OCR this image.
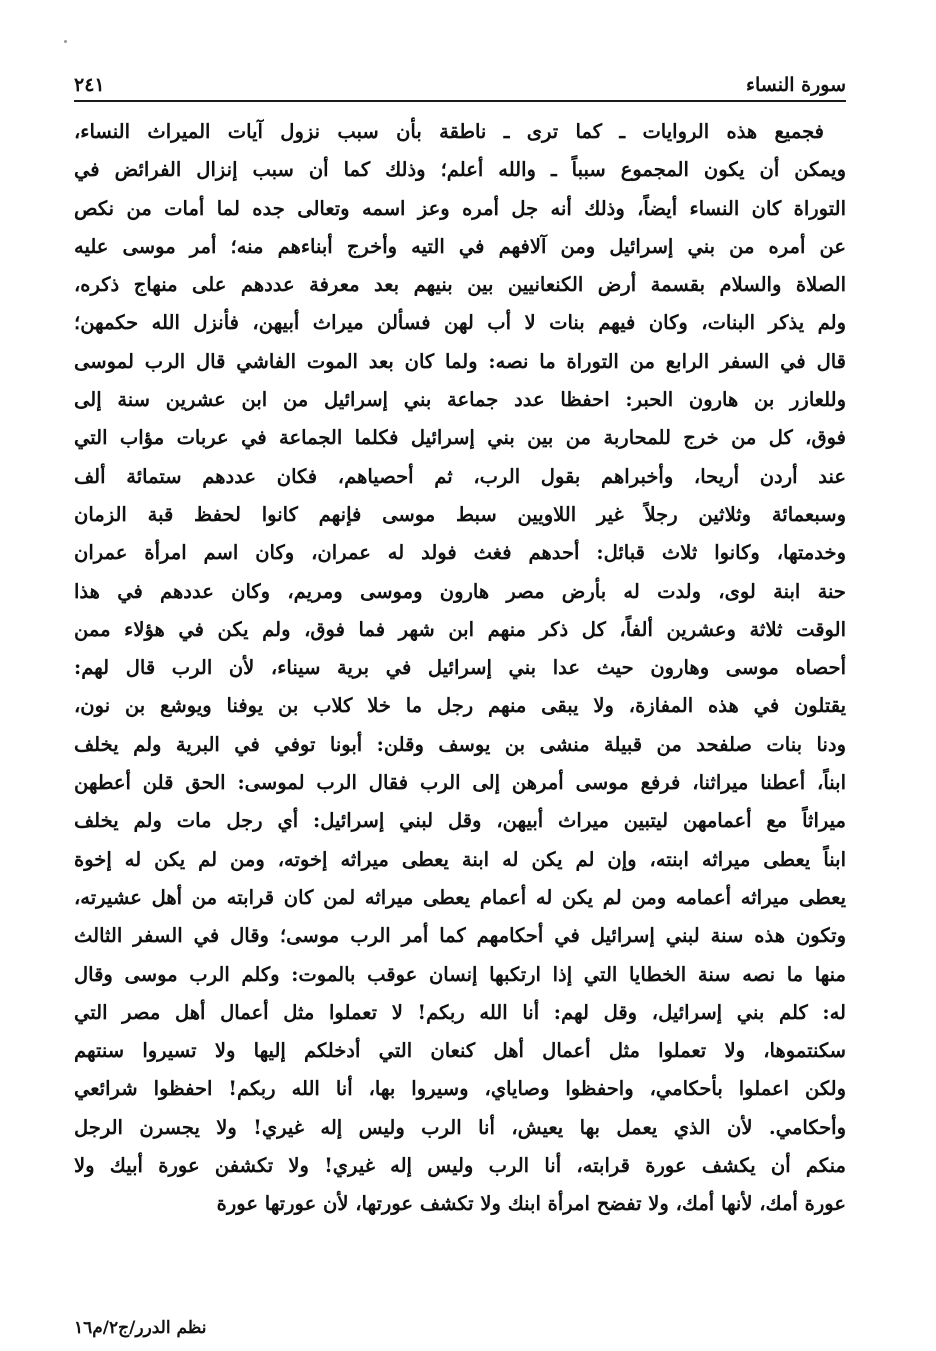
سورة النساء
٢٤١
فجميع هذه الروايات ـ كما ترى ـ ناطقة بأن سبب نزول آيات الميراث النساء،
ويمكن أن يكون المجموع سبباً ـ والله أعلم؛ وذلك كما أن سبب إنزال الفرائض في
التوراة كان النساء أيضاً، وذلك أنه جل أمره وعز اسمه وتعالى جده لما أمات من نكص
عن أمره من بني إسرائيل ومن آلافهم في التيه وأخرج أبناءهم منه؛ أمر موسى عليه
الصلاة والسلام بقسمة أرض الكنعانيين بين بنيهم بعد معرفة عددهم على منهاج ذكره،
ولم يذكر البنات، وكان فيهم بنات لا أب لهن فسألن ميراث أبيهن، فأنزل الله حكمهن؛
قال في السفر الرابع من التوراة ما نصه: ولما كان بعد الموت الفاشي قال الرب لموسى
وللعازر بن هارون الحبر: احفظا عدد جماعة بني إسرائيل من ابن عشرين سنة إلى
فوق، كل من خرج للمحاربة من بين بني إسرائيل فكلما الجماعة في عربات مؤاب التي
عند أردن أريحا، وأخبراهم بقول الرب، ثم أحصياهم، فكان عددهم ستمائة ألف
وسبعمائة وثلاثين رجلاً غير اللاويين سبط موسى فإنهم كانوا لحفظ قبة الزمان
وخدمتها، وكانوا ثلاث قبائل: أحدهم فغث فولد له عمران، وكان اسم امرأة عمران
حنة ابنة لوى، ولدت له بأرض مصر هارون وموسى ومريم، وكان عددهم في هذا
الوقت ثلاثة وعشرين ألفاً، كل ذكر منهم ابن شهر فما فوق، ولم يكن في هؤلاء ممن
أحصاه موسى وهارون حيث عدا بني إسرائيل في برية سيناء، لأن الرب قال لهم:
يقتلون في هذه المفازة، ولا يبقى منهم رجل ما خلا كلاب بن يوفنا ويوشع بن نون،
ودنا بنات صلفحد من قبيلة منشى بن يوسف وقلن: أبونا توفي في البرية ولم يخلف
ابناً، أعطنا ميراثنا، فرفع موسى أمرهن إلى الرب فقال الرب لموسى: الحق قلن أعطهن
ميراثاً مع أعمامهن ليتبين ميراث أبيهن، وقل لبني إسرائيل: أي رجل مات ولم يخلف
ابناً يعطى ميراثه ابنته، وإن لم يكن له ابنة يعطى ميراثه إخوته، ومن لم يكن له إخوة
يعطى ميراثه أعمامه ومن لم يكن له أعمام يعطى ميراثه لمن كان قرابته من أهل عشيرته،
وتكون هذه سنة لبني إسرائيل في أحكامهم كما أمر الرب موسى؛ وقال في السفر الثالث
منها ما نصه سنة الخطايا التي إذا ارتكبها إنسان عوقب بالموت: وكلم الرب موسى وقال
له: كلم بني إسرائيل، وقل لهم: أنا الله ربكم! لا تعملوا مثل أعمال أهل مصر التي
سكنتموها، ولا تعملوا مثل أعمال أهل كنعان التي أدخلكم إليها ولا تسيروا سنتهم
ولكن اعملوا بأحكامي، واحفظوا وصاياي، وسيروا بها، أنا الله ربكم! احفظوا شرائعي
وأحكامي. لأن الذي يعمل بها يعيش، أنا الرب وليس إله غيري! ولا يجسرن الرجل
منكم أن يكشف عورة قرابته، أنا الرب وليس إله غيري! ولا تكشفن عورة أبيك ولا
عورة أمك، لأنها أمك، ولا تفضح امرأة ابنك ولا تكشف عورتها، لأن عورتها عورة
نظم الدرر/ج٢/م١٦
